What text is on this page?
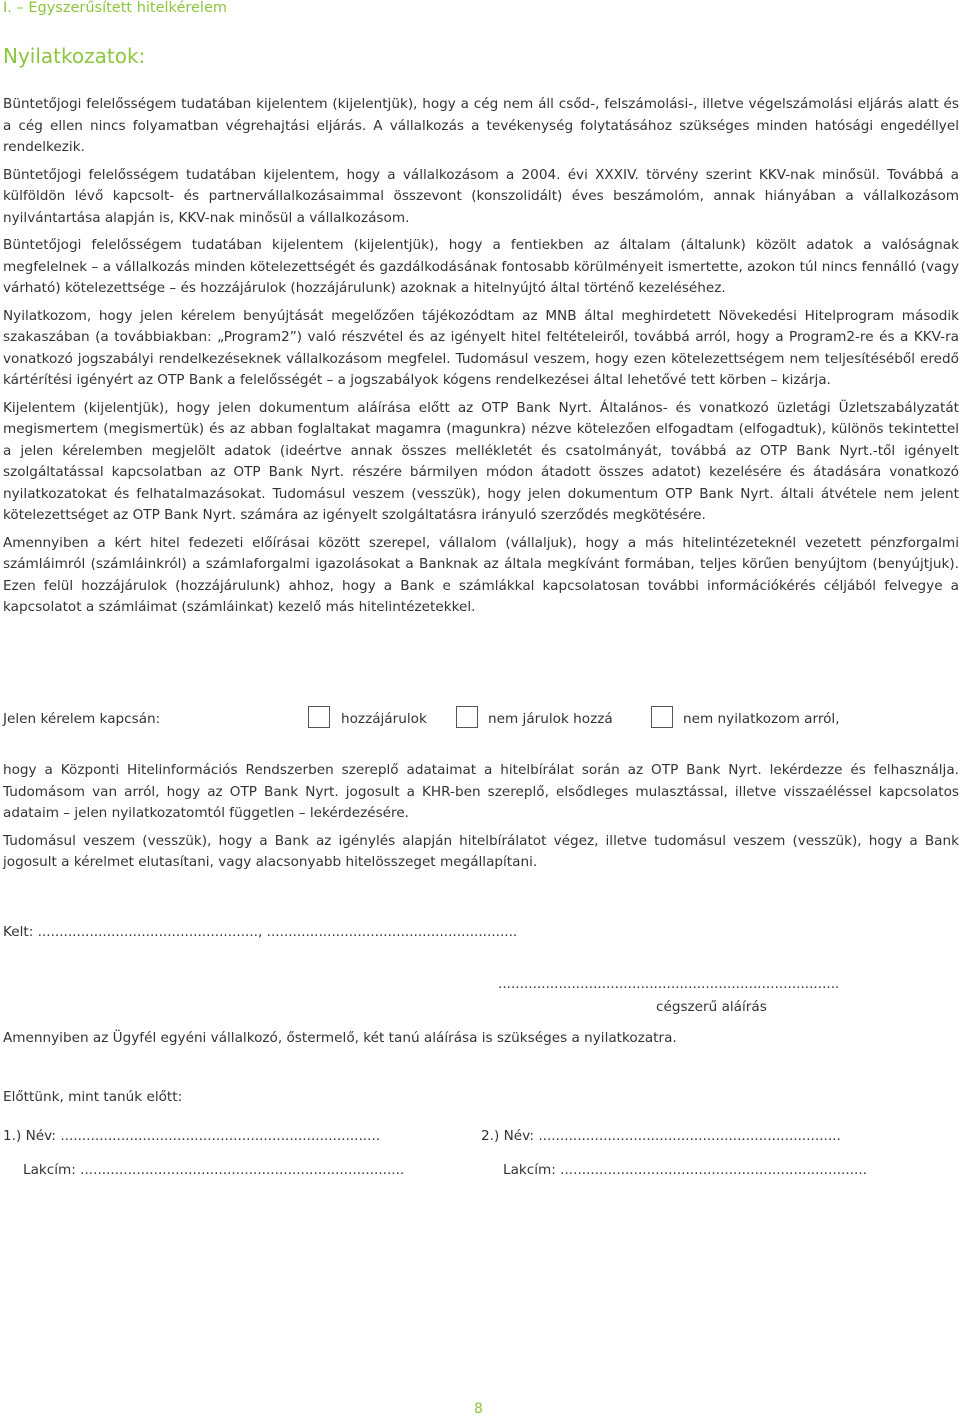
I. – Egyszerűsített hitelkérelem
Nyilatkozatok:

Büntetőjogi felelősségem tudatában kijelentem (kijelentjük), hogy a cég nem áll csőd-, felszámolási-, illetve végelszámolási eljárás alatt és a cég ellen nincs folyamatban végrehajtási eljárás. A vállalkozás a tevékenység folytatásához szükséges minden hatósági engedéllyel rendelkezik.

Büntetőjogi felelősségem tudatában kijelentem, hogy a vállalkozásom a 2004. évi XXXIV. törvény szerint KKV-nak minősül. Továbbá a külföldön lévő kapcsolt- és partnervállalkozásaimmal összevont (konszolidált) éves beszámolóm, annak hiányában a vállalkozásom nyilvántartása alapján is, KKV-nak minősül a vállalkozásom.

Büntetőjogi felelősségem tudatában kijelentem (kijelentjük), hogy a fentiekben az általam (általunk) közölt adatok a valóságnak megfelelnek – a vállalkozás minden kötelezettségét és gazdálkodásának fontosabb körülményeit ismertette, azokon túl nincs fennálló (vagy várható) kötelezettsége – és hozzájárulok (hozzájárulunk) azoknak a hitelnyújtó által történő kezeléséhez.

Nyilatkozom, hogy jelen kérelem benyújtását megelőzően tájékozódtam az MNB által meghirdetett Növekedési Hitelprogram második szakaszában (a továbbiakban: „Program2”) való részvétel és az igényelt hitel feltételeiről, továbbá arról, hogy a Program2-re és a KKV-ra vonatkozó jogszabályi rendelkezéseknek vállalkozásom megfelel. Tudomásul veszem, hogy ezen kötelezettségem nem teljesítéséből eredő kártérítési igényért az OTP Bank a felelősségét – a jogszabályok kógens rendelkezései által lehetővé tett körben – kizárja.

Kijelentem (kijelentjük), hogy jelen dokumentum aláírása előtt az OTP Bank Nyrt. Általános- és vonatkozó üzletági Üzletszabályzatát megismertem (megismertük) és az abban foglaltakat magamra (magunkra) nézve kötelezően elfogadtam (elfogadtuk), különös tekintettel a jelen kérelemben megjelölt adatok (ideértve annak összes mellékletét és csatolmányát, továbbá az OTP Bank Nyrt.-től igényelt szolgáltatással kapcsolatban az OTP Bank Nyrt. részére bármilyen módon átadott összes adatot) kezelésére és átadására vonatkozó nyilatkozatokat és felhatalmazásokat. Tudomásul veszem (vesszük), hogy jelen dokumentum OTP Bank Nyrt. általi átvétele nem jelent kötelezettséget az OTP Bank Nyrt. számára az igényelt szolgáltatásra irányuló szerződés megkötésére.

Amennyiben a kért hitel fedezeti előírásai között szerepel, vállalom (vállaljuk), hogy a más hitelintézeteknél vezetett pénzforgalmi számláimról (számláinkról) a számlaforgalmi igazolásokat a Banknak az általa megkívánt formában, teljes körűen benyújtom (benyújtjuk). Ezen felül hozzájárulok (hozzájárulunk) ahhoz, hogy a Bank e számlákkal kapcsolatosan további információkérés céljából felvegye a kapcsolatot a számláimat (számláinkat) kezelő más hitelintézetekkel.

Jelen kérelem kapcsán:	hozzájárulok	nem járulok hozzá	nem nyilatkozom arról,

hogy a Központi Hitelinformációs Rendszerben szereplő adataimat a hitelbírálat során az OTP Bank Nyrt. lekérdezze és felhasználja. Tudomásom van arról, hogy az OTP Bank Nyrt. jogosult a KHR-ben szereplő, elsődleges mulasztással, illetve visszaéléssel kapcsolatos adataim – jelen nyilatkozatomtól független – lekérdezésére.

Tudomásul veszem (vesszük), hogy a Bank az igénylés alapján hitelbírálatot végez, illetve tudomásul veszem (vesszük), hogy a Bank jogosult a kérelmet elutasítani, vagy alacsonyabb hitelösszeget megállapítani.

Kelt: ..................................................., ..........................................................
...............................................................................
cégszerű aláírás
Amennyiben az Ügyfél egyéni vállalkozó, őstermelő, két tanú aláírása is szükséges a nyilatkozatra.
Előttünk, mint tanúk előtt:
1.) Név: ..........................................................................	2.) Név: ......................................................................
Lakcím: ...........................................................................	Lakcím: .......................................................................
8
